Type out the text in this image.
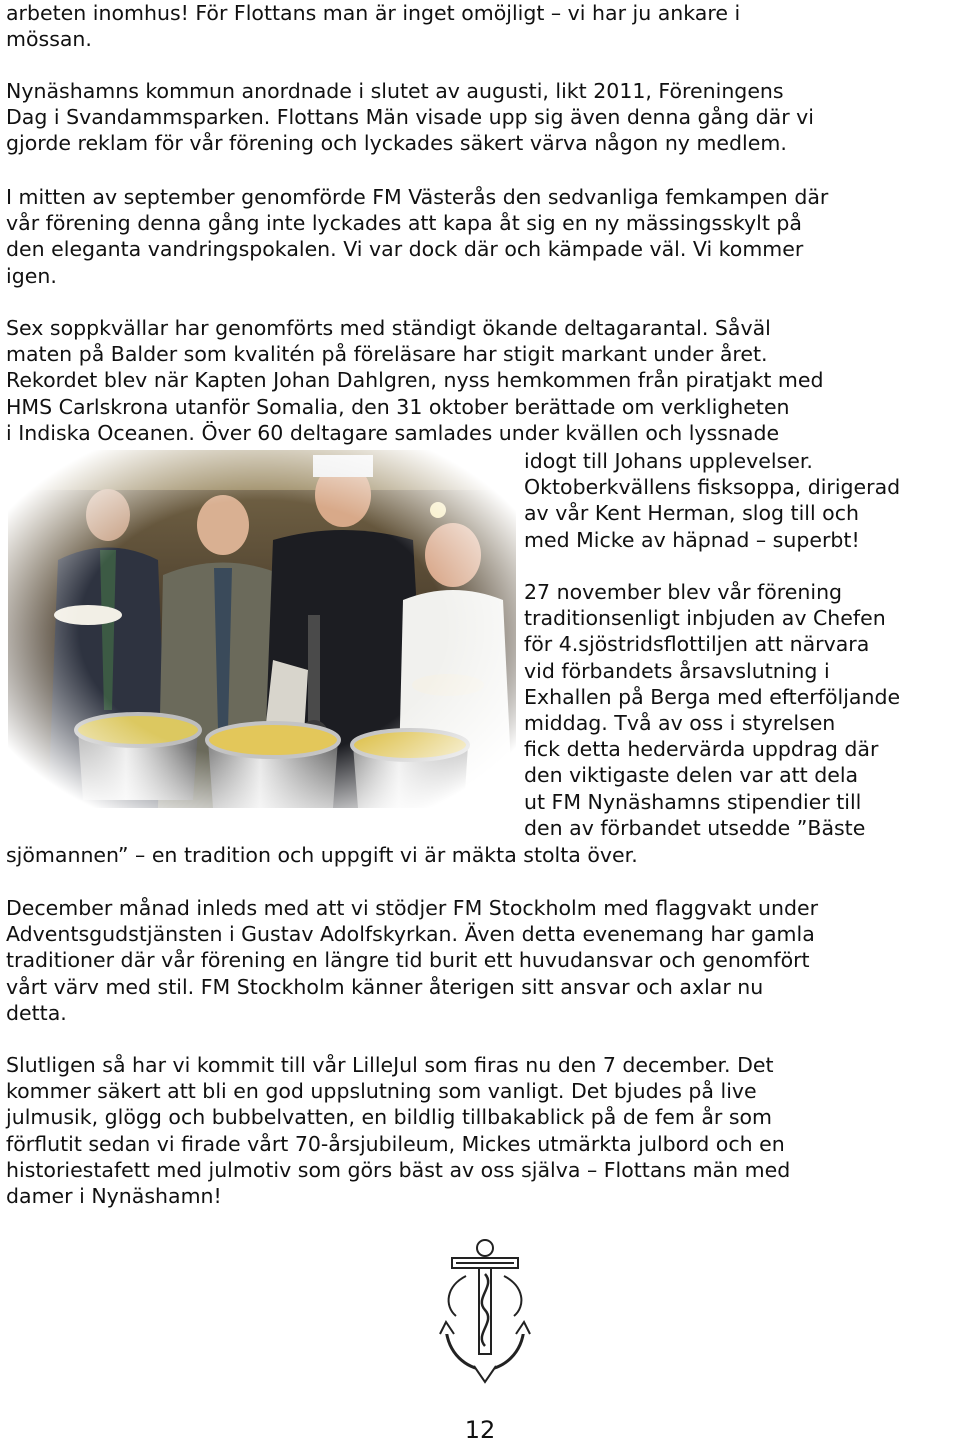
arbeten inomhus! För Flottans man är inget omöjligt – vi har ju ankare i
mössan.

Nynäshamns kommun anordnade i slutet av augusti, likt 2011, Föreningens
Dag i Svandammsparken. Flottans Män visade upp sig även denna gång där vi
gjorde reklam för vår förening och lyckades säkert värva någon ny medlem.

I mitten av september genomförde FM Västerås den sedvanliga femkampen där
vår förening denna gång inte lyckades att kapa åt sig en ny mässingsskylt på
den eleganta vandringspokalen. Vi var dock där och kämpade väl. Vi kommer
igen.

Sex soppkvällar har genomförts med ständigt ökande deltagarantal. Såväl
maten på Balder som kvalitén på föreläsare har stigit markant under året.
Rekordet blev när Kapten Johan Dahlgren, nyss hemkommen från piratjakt med
HMS Carlskrona utanför Somalia, den 31 oktober berättade om verkligheten
i Indiska Oceanen. Över 60 deltagare samlades under kvällen och lyssnade

idogt till Johans upplevelser.
Oktoberkvällens fisksoppa, dirigerad
av vår Kent Herman, slog till och
med Micke av häpnad – superbt!

27 november blev vår förening
traditionsenligt inbjuden av Chefen
för 4.sjöstridsflottiljen att närvara
vid förbandets årsavslutning i
Exhallen på Berga med efterföljande
middag. Två av oss i styrelsen
fick detta hedervärda uppdrag där
den viktigaste delen var att dela
ut FM Nynäshamns stipendier till
den av förbandet utsedde ”Bäste

sjömannen” – en tradition och uppgift vi är mäkta stolta över.

December månad inleds med att vi stödjer FM Stockholm med flaggvakt under
Adventsgudstjänsten i Gustav Adolfskyrkan. Även detta evenemang har gamla
traditioner där vår förening en längre tid burit ett huvudansvar och genomfört
vårt värv med stil. FM Stockholm känner återigen sitt ansvar och axlar nu
detta.

Slutligen så har vi kommit till vår LilleJul som firas nu den 7 december. Det
kommer säkert att bli en god uppslutning som vanligt. Det bjudes på live
julmusik, glögg och bubbelvatten, en bildlig tillbakablick på de fem år som
förflutit sedan vi firade vårt 70-årsjubileum, Mickes utmärkta julbord och en
historiestafett med julmotiv som görs bäst av oss själva – Flottans män med
damer i Nynäshamn!

12
